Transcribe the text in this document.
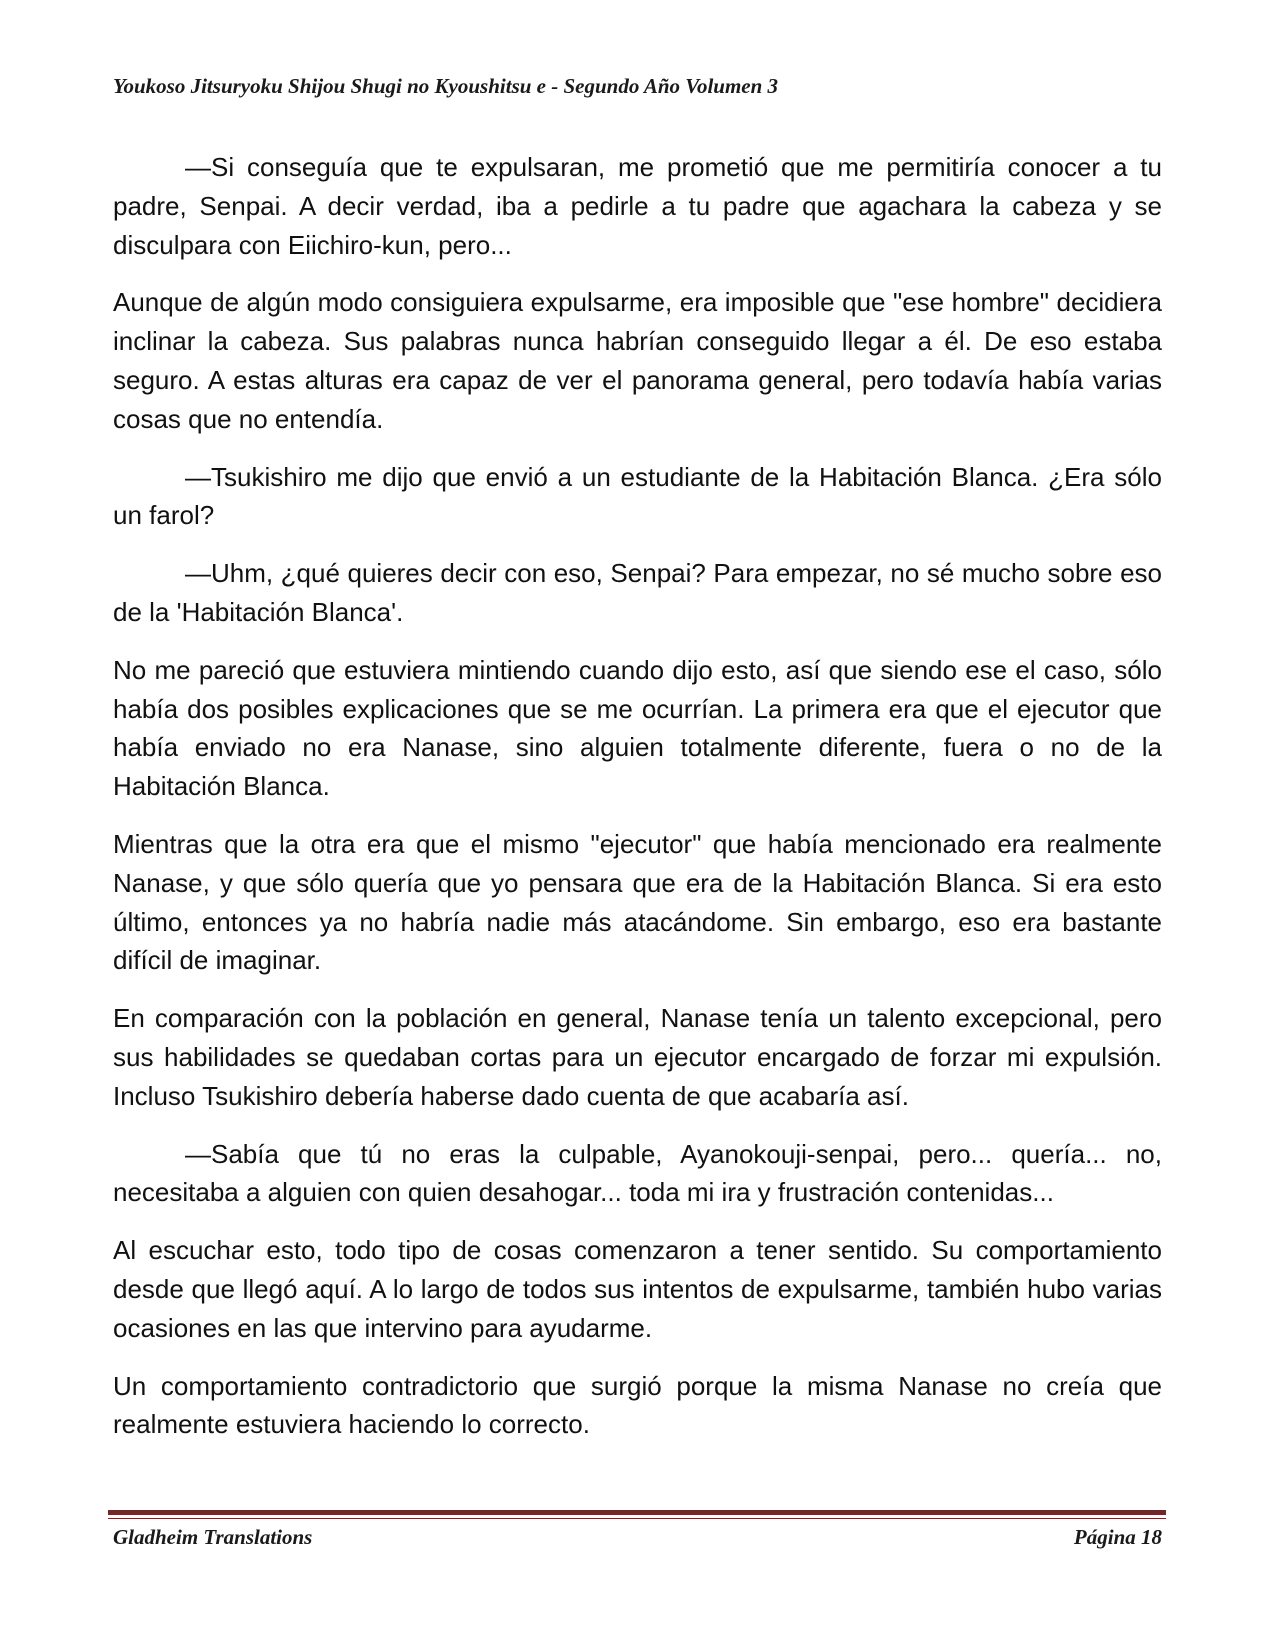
Youkoso Jitsuryoku Shijou Shugi no Kyoushitsu e - Segundo Año Volumen 3

—Si conseguía que te expulsaran, me prometió que me permitiría conocer a tu padre, Senpai. A decir verdad, iba a pedirle a tu padre que agachara la cabeza y se disculpara con Eiichiro-kun, pero...

Aunque de algún modo consiguiera expulsarme, era imposible que "ese hombre" decidiera inclinar la cabeza. Sus palabras nunca habrían conseguido llegar a él. De eso estaba seguro. A estas alturas era capaz de ver el panorama general, pero todavía había varias cosas que no entendía.

—Tsukishiro me dijo que envió a un estudiante de la Habitación Blanca. ¿Era sólo un farol?

—Uhm, ¿qué quieres decir con eso, Senpai? Para empezar, no sé mucho sobre eso de la 'Habitación Blanca'.

No me pareció que estuviera mintiendo cuando dijo esto, así que siendo ese el caso, sólo había dos posibles explicaciones que se me ocurrían. La primera era que el ejecutor que había enviado no era Nanase, sino alguien totalmente diferente, fuera o no de la Habitación Blanca.

Mientras que la otra era que el mismo "ejecutor" que había mencionado era realmente Nanase, y que sólo quería que yo pensara que era de la Habitación Blanca. Si era esto último, entonces ya no habría nadie más atacándome. Sin embargo, eso era bastante difícil de imaginar.

En comparación con la población en general, Nanase tenía un talento excepcional, pero sus habilidades se quedaban cortas para un ejecutor encargado de forzar mi expulsión. Incluso Tsukishiro debería haberse dado cuenta de que acabaría así.

—Sabía que tú no eras la culpable, Ayanokouji-senpai, pero... quería... no, necesitaba a alguien con quien desahogar... toda mi ira y frustración contenidas...

Al escuchar esto, todo tipo de cosas comenzaron a tener sentido. Su comportamiento desde que llegó aquí. A lo largo de todos sus intentos de expulsarme, también hubo varias ocasiones en las que intervino para ayudarme.

Un comportamiento contradictorio que surgió porque la misma Nanase no creía que realmente estuviera haciendo lo correcto.

Gladheim Translations	Página 18
